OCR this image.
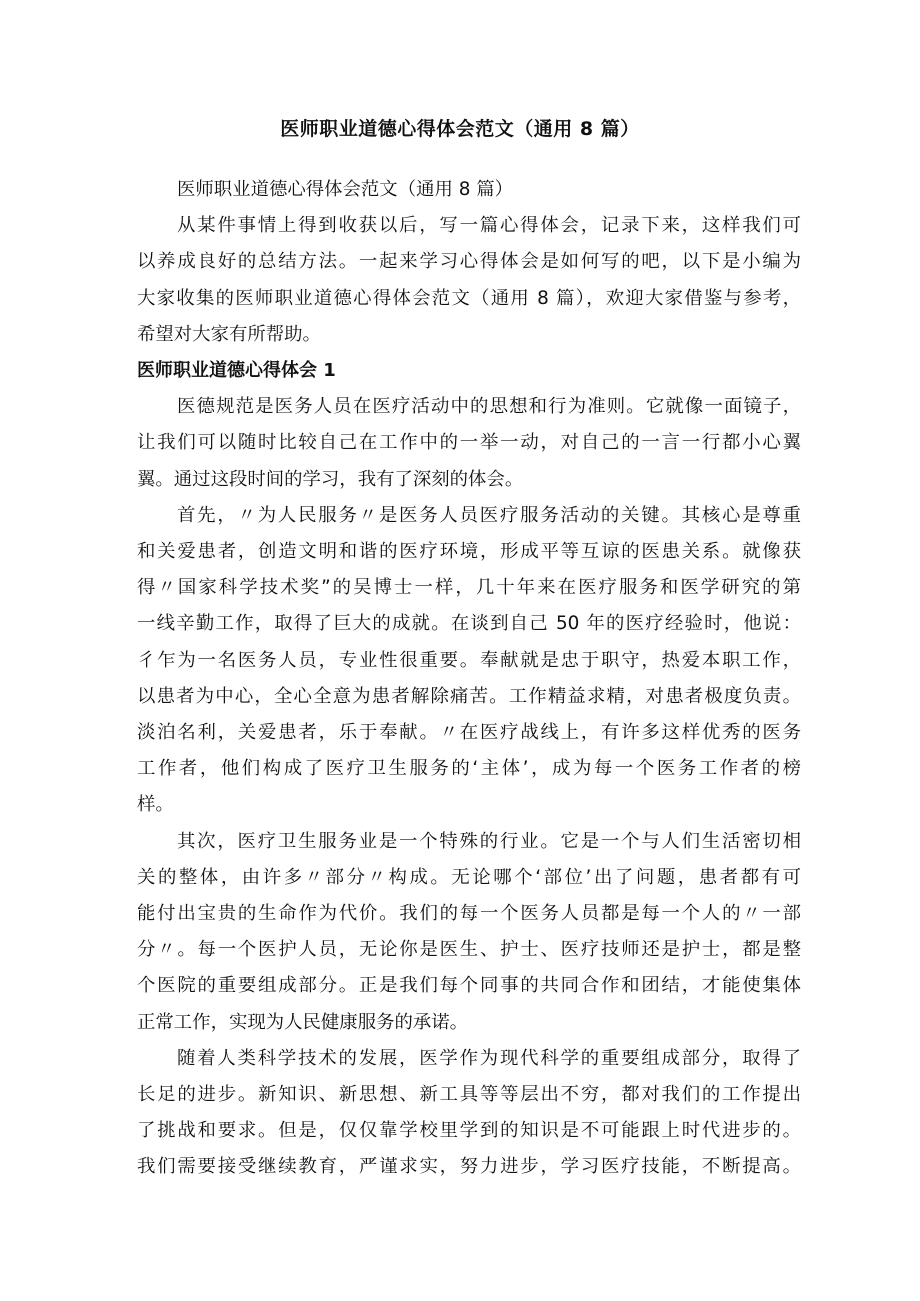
医师职业道德心得体会范文（通用 8 篇）
医师职业道德心得体会范文（通用 8 篇）
从某件事情上得到收获以后，写一篇心得体会，记录下来，这样我们可
以养成良好的总结方法。一起来学习心得体会是如何写的吧，以下是小编为
大家收集的医师职业道德心得体会范文（通用 8 篇），欢迎大家借鉴与参考，
希望对大家有所帮助。
医师职业道德心得体会 1
医德规范是医务人员在医疗活动中的思想和行为准则。它就像一面镜子，
让我们可以随时比较自己在工作中的一举一动，对自己的一言一行都小心翼
翼。通过这段时间的学习，我有了深刻的体会。
首先，〃为人民服务〃是医务人员医疗服务活动的关键。其核心是尊重
和关爱患者，创造文明和谐的医疗环境，形成平等互谅的医患关系。就像获
得〃国家科学技术奖”的吴博士一样，几十年来在医疗服务和医学研究的第
一线辛勤工作，取得了巨大的成就。在谈到自己 50 年的医疗经验时，他说：
彳乍为一名医务人员，专业性很重要。奉献就是忠于职守，热爱本职工作，
以患者为中心，全心全意为患者解除痛苦。工作精益求精，对患者极度负责。
淡泊名利，关爱患者，乐于奉献。〃在医疗战线上，有许多这样优秀的医务
工作者，他们构成了医疗卫生服务的‘主体’，成为每一个医务工作者的榜
样。
其次，医疗卫生服务业是一个特殊的行业。它是一个与人们生活密切相
关的整体，由许多〃部分〃构成。无论哪个‘部位’出了问题，患者都有可
能付出宝贵的生命作为代价。我们的每一个医务人员都是每一个人的〃一部
分〃。每一个医护人员，无论你是医生、护士、医疗技师还是护士，都是整
个医院的重要组成部分。正是我们每个同事的共同合作和团结，才能使集体
正常工作，实现为人民健康服务的承诺。
随着人类科学技术的发展，医学作为现代科学的重要组成部分，取得了
长足的进步。新知识、新思想、新工具等等层出不穷，都对我们的工作提出
了挑战和要求。但是，仅仅靠学校里学到的知识是不可能跟上时代进步的。
我们需要接受继续教育，严谨求实，努力进步，学习医疗技能，不断提高。
